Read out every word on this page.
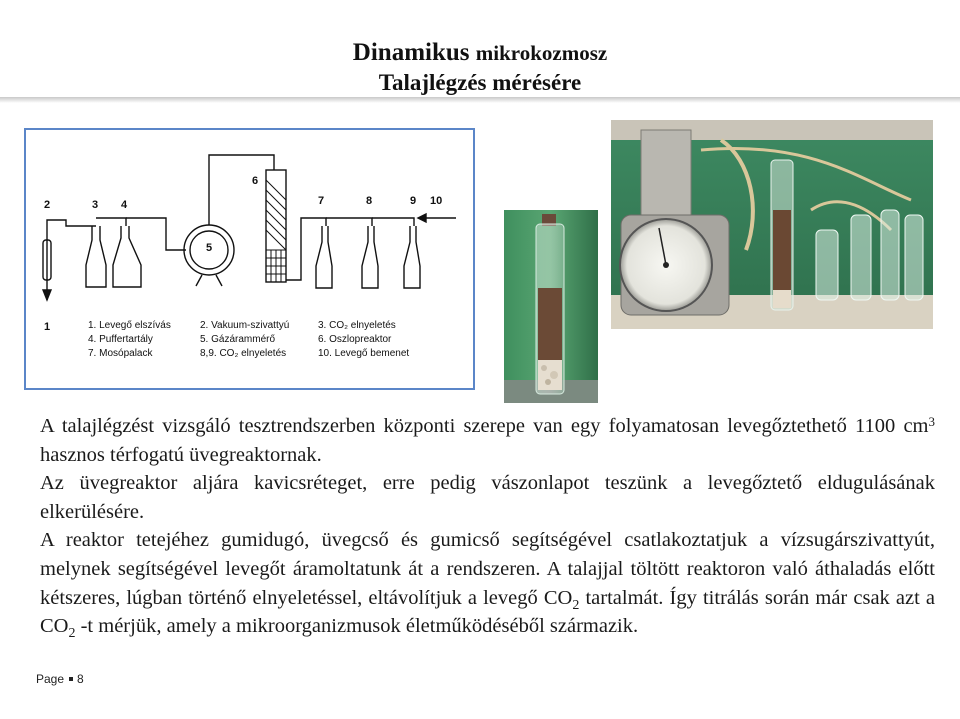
Dinamikus mikrokozmosz
Talajlégzés mérésére
2	3 4
5
6
7	8	9 10
1	1. Levegő elszívás	2. Vakuum-szivattyú	3. CO₂ elnyeletés
4. Puffertartály	5. Gázárammérő	6. Oszlopreaktor
7. Mosópalack	8,9. CO₂ elnyeletés	10. Levegő bemenet

A talajlégzést vizsgáló tesztrendszerben központi szerepe van egy folyamatosan levegőztethető 1100 $cm^3$ hasznos térfogatú üvegreaktornak.

Az üvegreaktor aljára kavicsréteget, erre pedig vászonlapot teszünk a levegőztető eldugulásának elkerülésére.

A reaktor tetejéhez gumidugó, üvegcső és gumicső segítségével csatlakoztatjuk a vízsugárszivattyút, melynek segítségével levegőt áramoltatunk át a rendszeren. A talajjal töltött reaktoron való áthaladás előtt kétszeres, lúgban történő elnyeletéssel, eltávolítjuk a levegő $CO_2$ tartalmát. Így titrálás során már csak azt a $CO_2$ -t mérjük, amely a mikroorganizmusok életműködéséből származik.

Page 8
